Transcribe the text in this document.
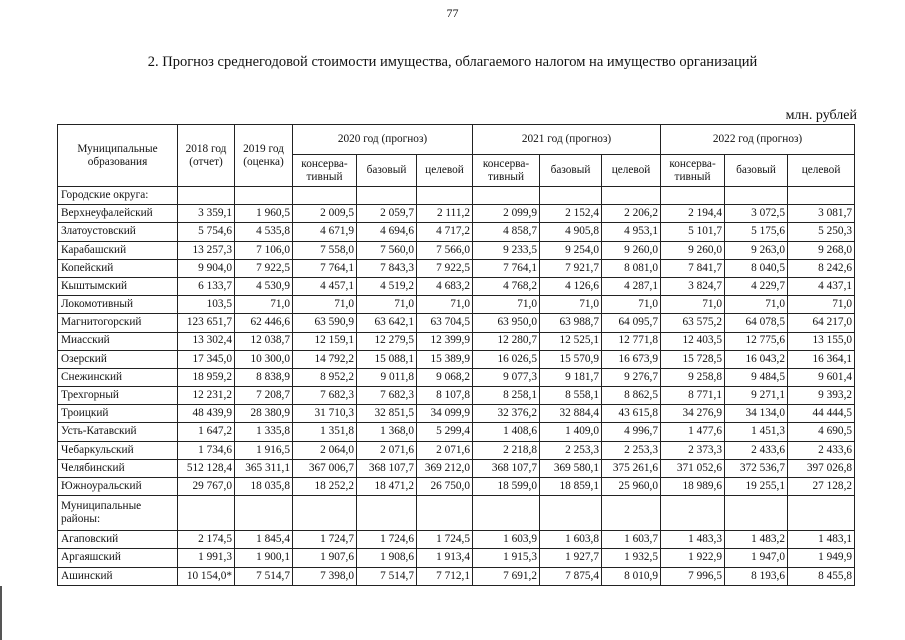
77
2. Прогноз среднегодовой стоимости имущества, облагаемого налогом на имущество организаций
млн. рублей
Муниципальные образования	2018 год (отчет)	2019 год (оценка)	2020 год (прогноз)			2021 год (прогноз)			2022 год (прогноз)		
			консерва-тивный	базовый	целевой	консерва-тивный	базовый	целевой	консерва-тивный	базовый	целевой
Городские округа:											
Верхнеуфалейский	3 359,1	1 960,5	2 009,5	2 059,7	2 111,2	2 099,9	2 152,4	2 206,2	2 194,4	3 072,5	3 081,7
Златоустовский	5 754,6	4 535,8	4 671,9	4 694,6	4 717,2	4 858,7	4 905,8	4 953,1	5 101,7	5 175,6	5 250,3
Карабашский	13 257,3	7 106,0	7 558,0	7 560,0	7 566,0	9 233,5	9 254,0	9 260,0	9 260,0	9 263,0	9 268,0
Копейский	9 904,0	7 922,5	7 764,1	7 843,3	7 922,5	7 764,1	7 921,7	8 081,0	7 841,7	8 040,5	8 242,6
Кыштымский	6 133,7	4 530,9	4 457,1	4 519,2	4 683,2	4 768,2	4 126,6	4 287,1	3 824,7	4 229,7	4 437,1
Локомотивный	103,5	71,0	71,0	71,0	71,0	71,0	71,0	71,0	71,0	71,0	71,0
Магнитогорский	123 651,7	62 446,6	63 590,9	63 642,1	63 704,5	63 950,0	63 988,7	64 095,7	63 575,2	64 078,5	64 217,0
Миасский	13 302,4	12 038,7	12 159,1	12 279,5	12 399,9	12 280,7	12 525,1	12 771,8	12 403,5	12 775,6	13 155,0
Озерский	17 345,0	10 300,0	14 792,2	15 088,1	15 389,9	16 026,5	15 570,9	16 673,9	15 728,5	16 043,2	16 364,1
Снежинский	18 959,2	8 838,9	8 952,2	9 011,8	9 068,2	9 077,3	9 181,7	9 276,7	9 258,8	9 484,5	9 601,4
Трехгорный	12 231,2	7 208,7	7 682,3	7 682,3	8 107,8	8 258,1	8 558,1	8 862,5	8 771,1	9 271,1	9 393,2
Троицкий	48 439,9	28 380,9	31 710,3	32 851,5	34 099,9	32 376,2	32 884,4	43 615,8	34 276,9	34 134,0	44 444,5
Усть-Катавский	1 647,2	1 335,8	1 351,8	1 368,0	5 299,4	1 408,6	1 409,0	4 996,7	1 477,6	1 451,3	4 690,5
Чебаркульский	1 734,6	1 916,5	2 064,0	2 071,6	2 071,6	2 218,8	2 253,3	2 253,3	2 373,3	2 433,6	2 433,6
Челябинский	512 128,4	365 311,1	367 006,7	368 107,7	369 212,0	368 107,7	369 580,1	375 261,6	371 052,6	372 536,7	397 026,8
Южноуральский	29 767,0	18 035,8	18 252,2	18 471,2	26 750,0	18 599,0	18 859,1	25 960,0	18 989,6	19 255,1	27 128,2
Муниципальные районы:											
Агаповский	2 174,5	1 845,4	1 724,7	1 724,6	1 724,5	1 603,9	1 603,8	1 603,7	1 483,3	1 483,2	1 483,1
Аргаяшский	1 991,3	1 900,1	1 907,6	1 908,6	1 913,4	1 915,3	1 927,7	1 932,5	1 922,9	1 947,0	1 949,9
Ашинский	10 154,0*	7 514,7	7 398,0	7 514,7	7 712,1	7 691,2	7 875,4	8 010,9	7 996,5	8 193,6	8 455,8
